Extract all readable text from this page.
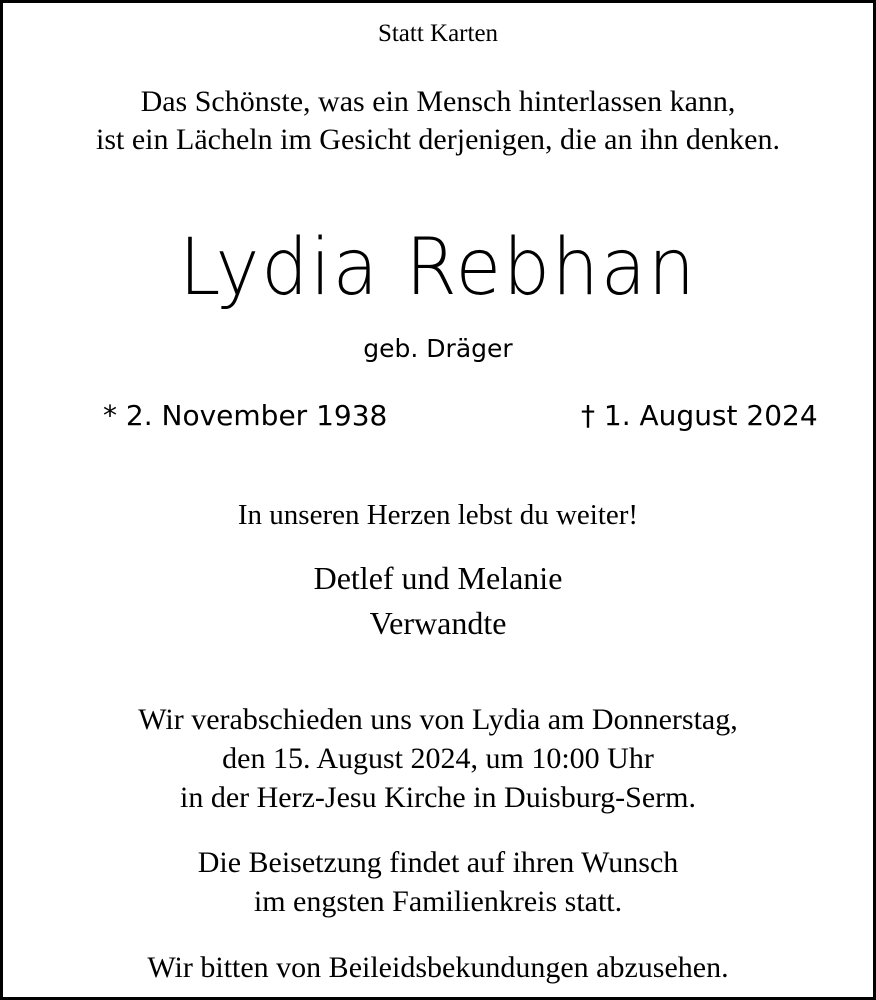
Statt Karten
Das Schönste, was ein Mensch hinterlassen kann,
ist ein Lächeln im Gesicht derjenigen, die an ihn denken.
Lydia Rebhan
geb. Dräger
* 2. November 1938	† 1. August 2024
In unseren Herzen lebst du weiter!
Detlef und Melanie
Verwandte
Wir verabschieden uns von Lydia am Donnerstag,
den 15. August 2024, um 10:00 Uhr
in der Herz-Jesu Kirche in Duisburg-Serm.
Die Beisetzung findet auf ihren Wunsch
im engsten Familienkreis statt.
Wir bitten von Beileidsbekundungen abzusehen.
